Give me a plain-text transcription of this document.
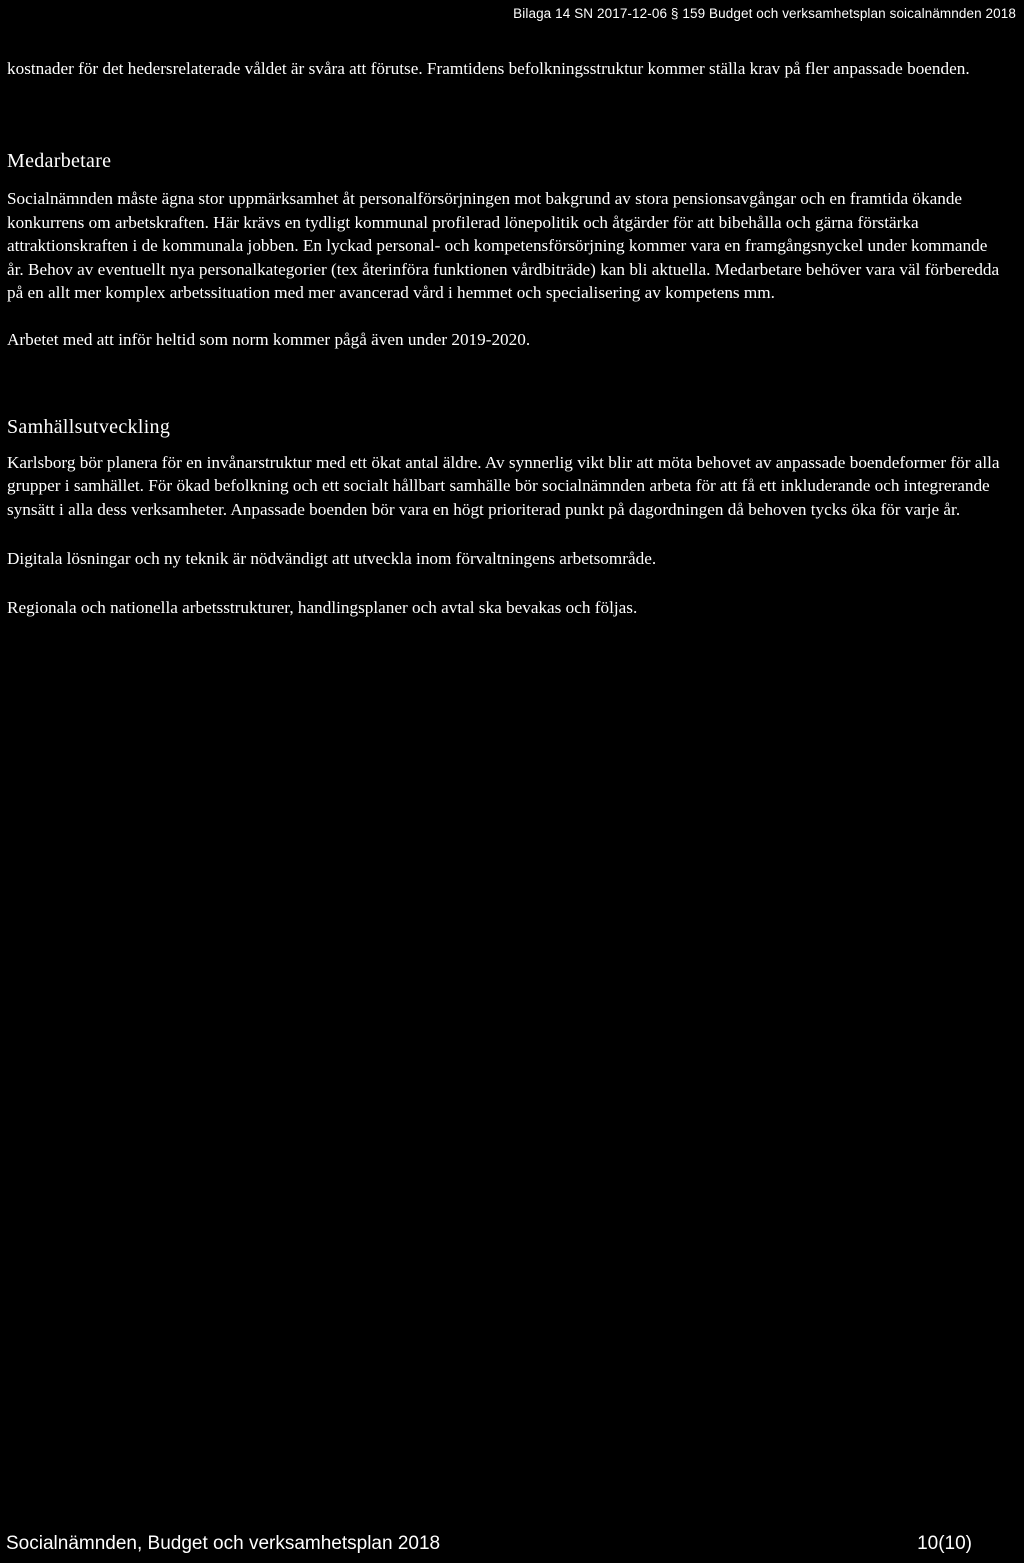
Bilaga 14 SN 2017-12-06 § 159 Budget och verksamhetsplan soicalnämnden 2018

kostnader för det hedersrelaterade våldet är svåra att förutse. Framtidens befolkningsstruktur kommer ställa krav på fler anpassade boenden.

Medarbetare

Socialnämnden måste ägna stor uppmärksamhet åt personalförsörjningen mot bakgrund av stora pensionsavgångar och en framtida ökande konkurrens om arbetskraften. Här krävs en tydligt kommunal profilerad lönepolitik och åtgärder för att bibehålla och gärna förstärka attraktionskraften i de kommunala jobben. En lyckad personal- och kompetensförsörjning kommer vara en framgångsnyckel under kommande år. Behov av eventuellt nya personalkategorier (tex återinföra funktionen vårdbiträde) kan bli aktuella. Medarbetare behöver vara väl förberedda på en allt mer komplex arbetssituation med mer avancerad vård i hemmet och specialisering av kompetens mm.

Arbetet med att inför heltid som norm kommer pågå även under 2019-2020.

Samhällsutveckling

Karlsborg bör planera för en invånarstruktur med ett ökat antal äldre. Av synnerlig vikt blir att möta behovet av anpassade boendeformer för alla grupper i samhället. För ökad befolkning och ett socialt hållbart samhälle bör socialnämnden arbeta för att få ett inkluderande och integrerande synsätt i alla dess verksamheter. Anpassade boenden bör vara en högt prioriterad punkt på dagordningen då behoven tycks öka för varje år.

Digitala lösningar och ny teknik är nödvändigt att utveckla inom förvaltningens arbetsområde.

Regionala och nationella arbetsstrukturer, handlingsplaner och avtal ska bevakas och följas.

Socialnämnden, Budget och verksamhetsplan 2018	10(10)
